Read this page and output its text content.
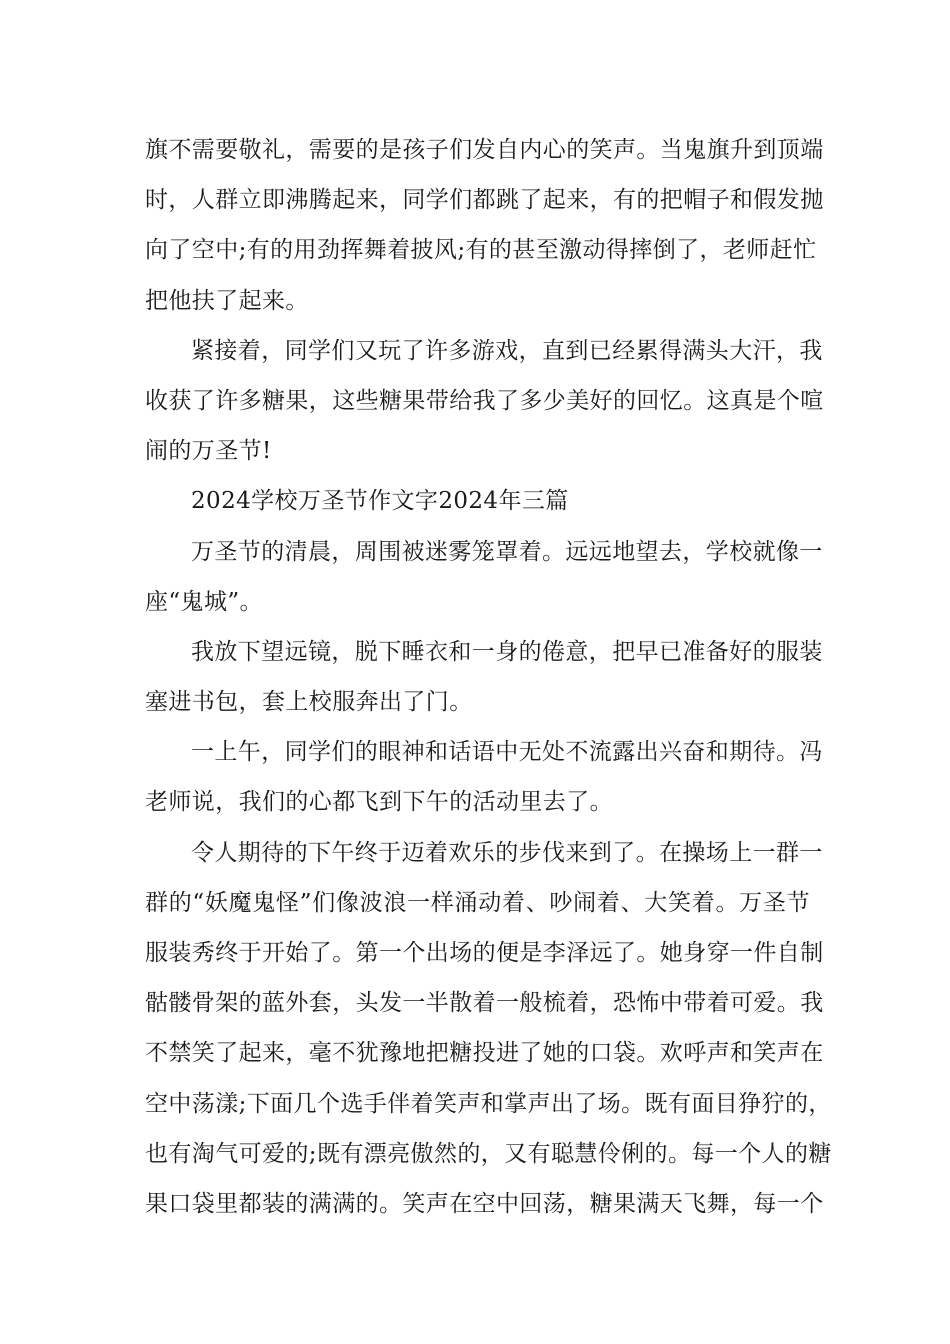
旗不需要敬礼，需要的是孩子们发自内心的笑声。当鬼旗升到顶端
时，人群立即沸腾起来，同学们都跳了起来，有的把帽子和假发抛
向了空中;有的用劲挥舞着披风;有的甚至激动得摔倒了，老师赶忙
把他扶了起来。
紧接着，同学们又玩了许多游戏，直到已经累得满头大汗，我
收获了许多糖果，这些糖果带给我了多少美好的回忆。这真是个喧
闹的万圣节!
2024学校万圣节作文字2024年三篇
万圣节的清晨，周围被迷雾笼罩着。远远地望去，学校就像一
座“鬼城”。
我放下望远镜，脱下睡衣和一身的倦意，把早已准备好的服装
塞进书包，套上校服奔出了门。
一上午，同学们的眼神和话语中无处不流露出兴奋和期待。冯
老师说，我们的心都飞到下午的活动里去了。
令人期待的下午终于迈着欢乐的步伐来到了。在操场上一群一
群的“妖魔鬼怪”们像波浪一样涌动着、吵闹着、大笑着。万圣节
服装秀终于开始了。第一个出场的便是李泽远了。她身穿一件自制
骷髅骨架的蓝外套，头发一半散着一般梳着，恐怖中带着可爱。我
不禁笑了起来，毫不犹豫地把糖投进了她的口袋。欢呼声和笑声在
空中荡漾;下面几个选手伴着笑声和掌声出了场。既有面目狰狞的，
也有淘气可爱的;既有漂亮傲然的，又有聪慧伶俐的。每一个人的糖
果口袋里都装的满满的。笑声在空中回荡，糖果满天飞舞，每一个
